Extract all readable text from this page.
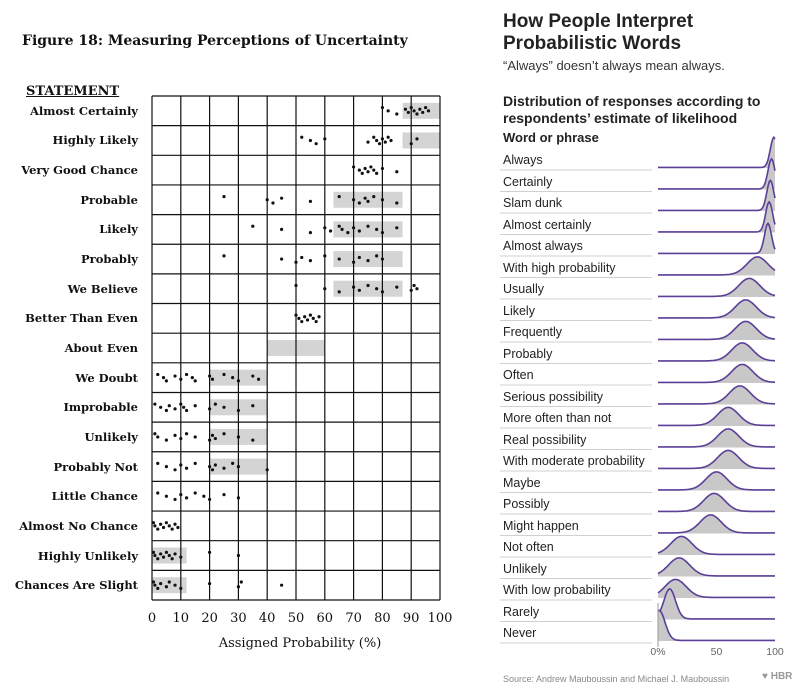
Figure 18: Measuring Perceptions of Uncertainty
STATEMENT
Almost Certainly
Highly Likely
Very Good Chance
Probable
Likely
Probably
We Believe
Better Than Even
About Even
We Doubt
Improbable
Unlikely
Probably Not
Little Chance
Almost No Chance
Highly Unlikely
Chances Are Slight
0 10 20 30 40 50 60 70 80 90 100
Assigned Probability (%)
How People Interpret Probabilistic Words
“Always” doesn’t always mean always.
Distribution of responses according to respondents’ estimate of likelihood
Word or phrase
Always
Certainly
Slam dunk
Almost certainly
Almost always
With high probability
Usually
Likely
Frequently
Probably
Often
Serious possibility
More often than not
Real possibility
With moderate probability
Maybe
Possibly
Might happen
Not often
Unlikely
With low probability
Rarely
Never
0%	50	100
Source: Andrew Mauboussin and Michael J. Mauboussin	♥ HBR
